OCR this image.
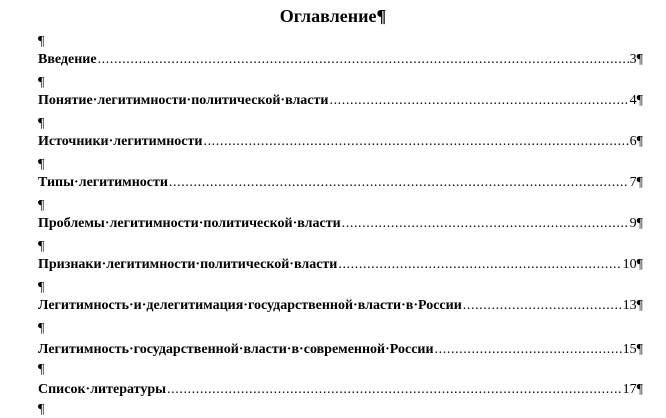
Оглавление¶
¶
Введение .....	3¶
¶
Понятие·легитимности·политической·власти .....	4¶
¶
Источники·легитимности .....	6¶
¶
Типы·легитимности .....	7¶
¶
Проблемы·легитимности·политической·власти .....	9¶
¶
Признаки·легитимности·политической·власти .....	10¶
¶
Легитимность·и·делегитимация·государственной·власти·в·России .....	13¶
¶
Легитимность·государственной·власти·в·современной·России .....	15¶
¶
Список·литературы .....	17¶
¶
